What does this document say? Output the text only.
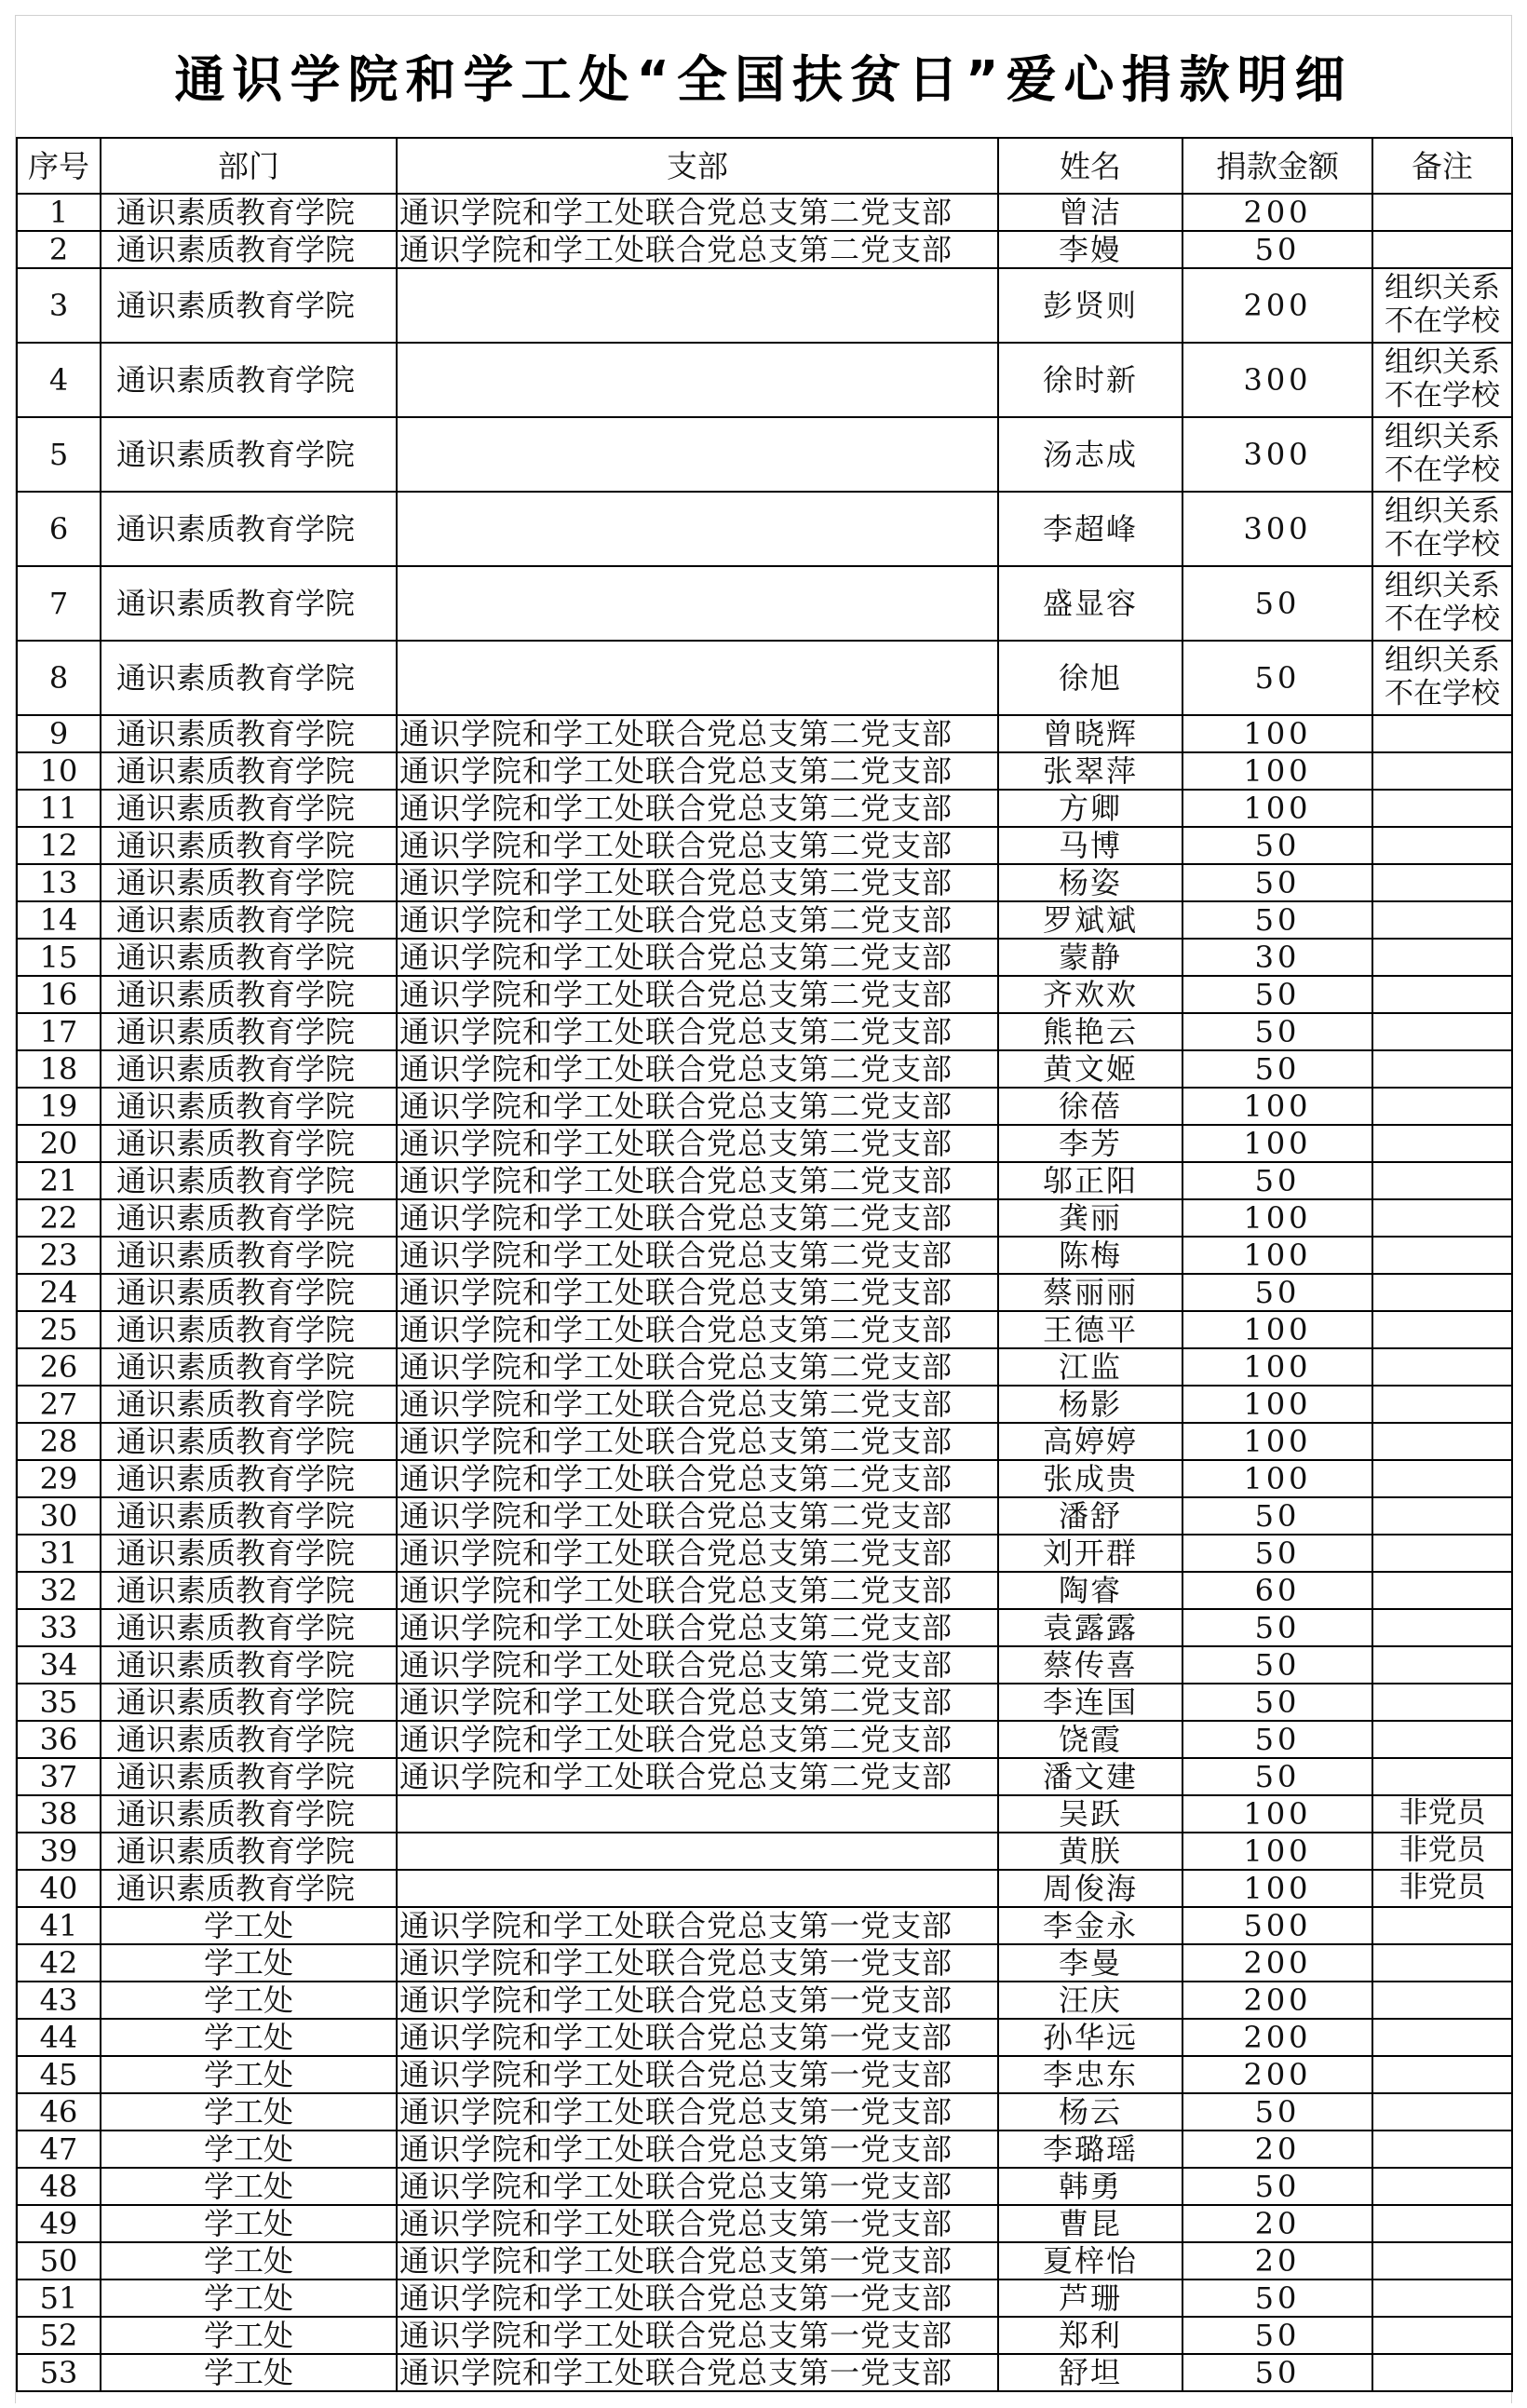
通识学院和学工处“全国扶贫日”爱心捐款明细
序号	部门	支部	姓名	捐款金额	备注
1	通识素质教育学院	通识学院和学工处联合党总支第二党支部	曾洁	200	
2	通识素质教育学院	通识学院和学工处联合党总支第二党支部	李嫚	50	
3	通识素质教育学院		彭贤则	200	组织关系
不在学校
4	通识素质教育学院		徐时新	300	组织关系
不在学校
5	通识素质教育学院		汤志成	300	组织关系
不在学校
6	通识素质教育学院		李超峰	300	组织关系
不在学校
7	通识素质教育学院		盛显容	50	组织关系
不在学校
8	通识素质教育学院		徐旭	50	组织关系
不在学校
9	通识素质教育学院	通识学院和学工处联合党总支第二党支部	曾晓辉	100	
10	通识素质教育学院	通识学院和学工处联合党总支第二党支部	张翠萍	100	
11	通识素质教育学院	通识学院和学工处联合党总支第二党支部	方卿	100	
12	通识素质教育学院	通识学院和学工处联合党总支第二党支部	马博	50	
13	通识素质教育学院	通识学院和学工处联合党总支第二党支部	杨姿	50	
14	通识素质教育学院	通识学院和学工处联合党总支第二党支部	罗斌斌	50	
15	通识素质教育学院	通识学院和学工处联合党总支第二党支部	蒙静	30	
16	通识素质教育学院	通识学院和学工处联合党总支第二党支部	齐欢欢	50	
17	通识素质教育学院	通识学院和学工处联合党总支第二党支部	熊艳云	50	
18	通识素质教育学院	通识学院和学工处联合党总支第二党支部	黄文姬	50	
19	通识素质教育学院	通识学院和学工处联合党总支第二党支部	徐蓓	100	
20	通识素质教育学院	通识学院和学工处联合党总支第二党支部	李芳	100	
21	通识素质教育学院	通识学院和学工处联合党总支第二党支部	邬正阳	50	
22	通识素质教育学院	通识学院和学工处联合党总支第二党支部	龚丽	100	
23	通识素质教育学院	通识学院和学工处联合党总支第二党支部	陈梅	100	
24	通识素质教育学院	通识学院和学工处联合党总支第二党支部	蔡丽丽	50	
25	通识素质教育学院	通识学院和学工处联合党总支第二党支部	王德平	100	
26	通识素质教育学院	通识学院和学工处联合党总支第二党支部	江监	100	
27	通识素质教育学院	通识学院和学工处联合党总支第二党支部	杨影	100	
28	通识素质教育学院	通识学院和学工处联合党总支第二党支部	高婷婷	100	
29	通识素质教育学院	通识学院和学工处联合党总支第二党支部	张成贵	100	
30	通识素质教育学院	通识学院和学工处联合党总支第二党支部	潘舒	50	
31	通识素质教育学院	通识学院和学工处联合党总支第二党支部	刘开群	50	
32	通识素质教育学院	通识学院和学工处联合党总支第二党支部	陶睿	60	
33	通识素质教育学院	通识学院和学工处联合党总支第二党支部	袁露露	50	
34	通识素质教育学院	通识学院和学工处联合党总支第二党支部	蔡传喜	50	
35	通识素质教育学院	通识学院和学工处联合党总支第二党支部	李连国	50	
36	通识素质教育学院	通识学院和学工处联合党总支第二党支部	饶霞	50	
37	通识素质教育学院	通识学院和学工处联合党总支第二党支部	潘文建	50	
38	通识素质教育学院		吴跃	100	非党员
39	通识素质教育学院		黄朕	100	非党员
40	通识素质教育学院		周俊海	100	非党员
41	学工处	通识学院和学工处联合党总支第一党支部	李金永	500	
42	学工处	通识学院和学工处联合党总支第一党支部	李曼	200	
43	学工处	通识学院和学工处联合党总支第一党支部	汪庆	200	
44	学工处	通识学院和学工处联合党总支第一党支部	孙华远	200	
45	学工处	通识学院和学工处联合党总支第一党支部	李忠东	200	
46	学工处	通识学院和学工处联合党总支第一党支部	杨云	50	
47	学工处	通识学院和学工处联合党总支第一党支部	李璐瑶	20	
48	学工处	通识学院和学工处联合党总支第一党支部	韩勇	50	
49	学工处	通识学院和学工处联合党总支第一党支部	曹昆	20	
50	学工处	通识学院和学工处联合党总支第一党支部	夏梓怡	20	
51	学工处	通识学院和学工处联合党总支第一党支部	芦珊	50	
52	学工处	通识学院和学工处联合党总支第一党支部	郑利	50	
53	学工处	通识学院和学工处联合党总支第一党支部	舒坦	50	
